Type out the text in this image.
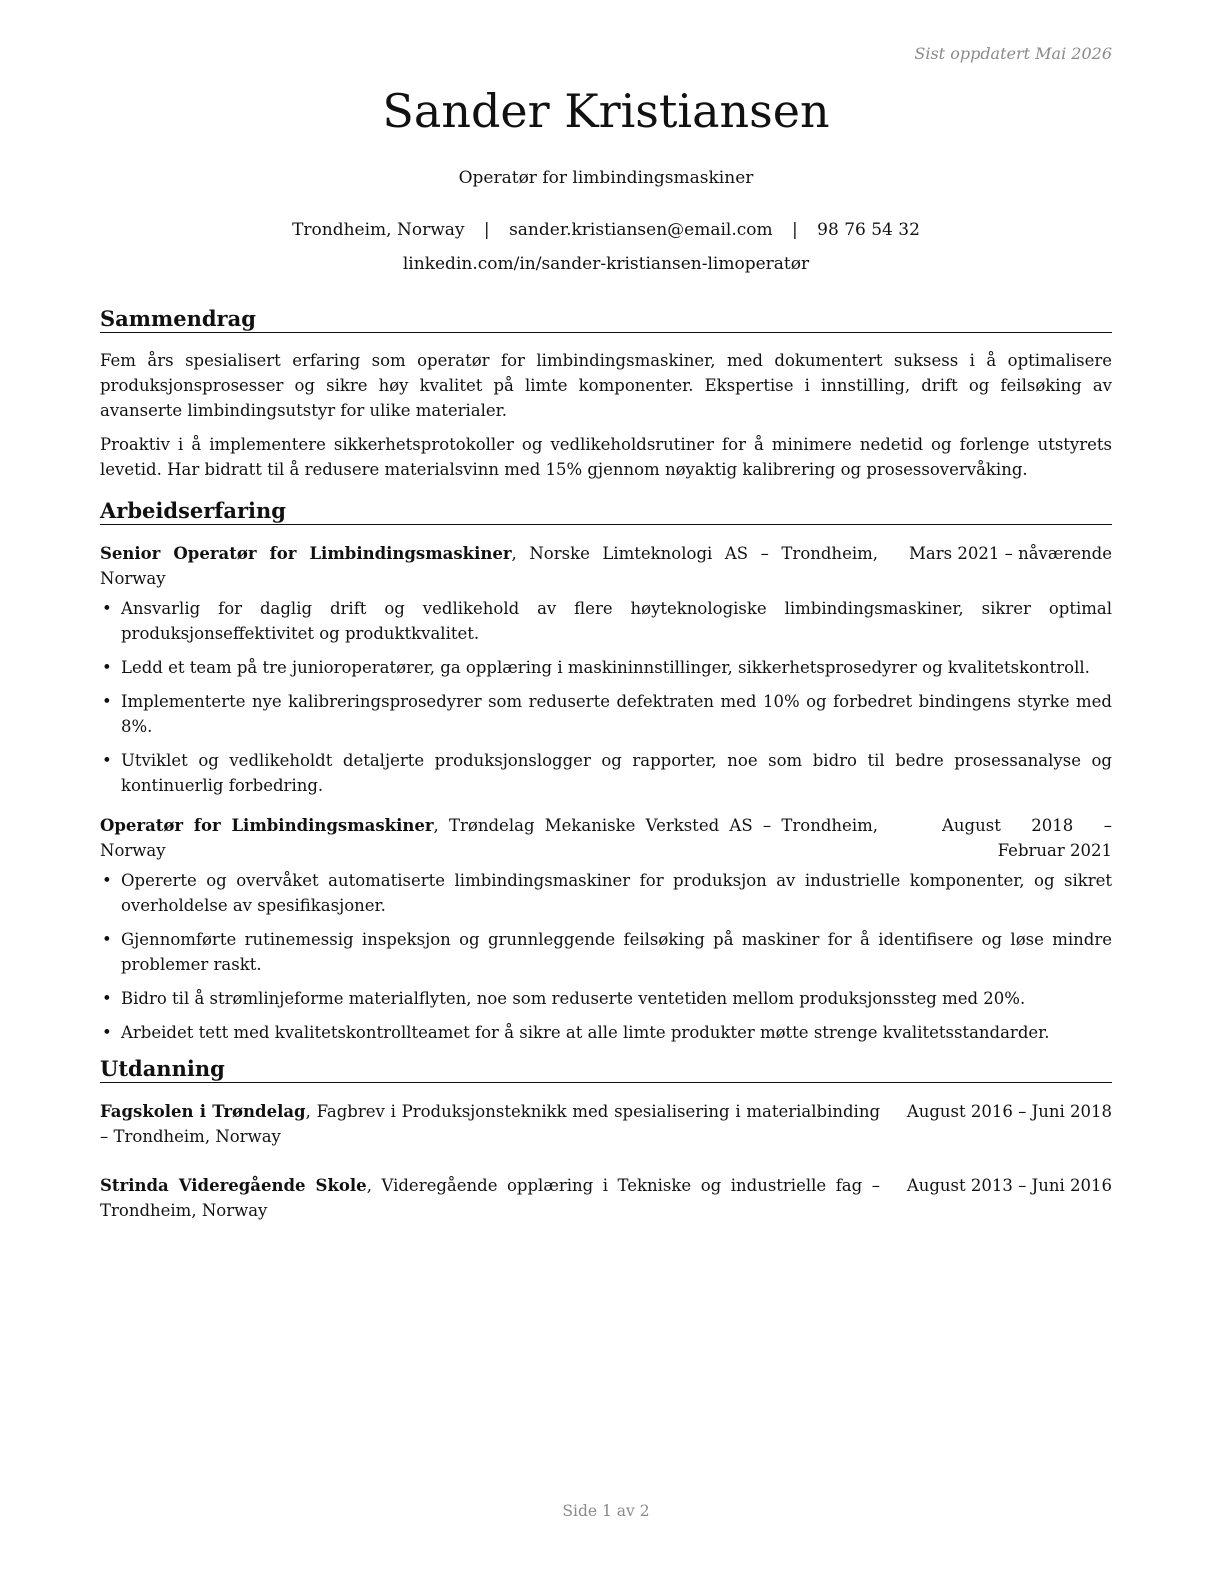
Sist oppdatert Mai 2026
Sander Kristiansen
Operatør for limbindingsmaskiner
Trondheim, Norway | sander.kristiansen@email.com | 98 76 54 32
linkedin.com/in/sander-kristiansen-limoperatør
Sammendrag
Fem års spesialisert erfaring som operatør for limbindingsmaskiner, med dokumentert suksess i å optimalisere produksjonsprosesser og sikre høy kvalitet på limte komponenter. Ekspertise i innstilling, drift og feilsøking av avanserte limbindingsutstyr for ulike materialer.
Proaktiv i å implementere sikkerhetsprotokoller og vedlikeholdsrutiner for å minimere nedetid og forlenge utstyrets levetid. Har bidratt til å redusere materialsvinn med 15% gjennom nøyaktig kalibrering og prosessovervåking.
Arbeidserfaring
Senior Operatør for Limbindingsmaskiner, Norske Limteknologi AS – Trondheim, Norway
Mars 2021 – nåværende
• Ansvarlig for daglig drift og vedlikehold av flere høyteknologiske limbindingsmaskiner, sikrer optimal produksjonseffektivitet og produktkvalitet.
• Ledd et team på tre junioroperatører, ga opplæring i maskininnstillinger, sikkerhetsprosedyrer og kvalitetskontroll.
• Implementerte nye kalibreringsprosedyrer som reduserte defektraten med 10% og forbedret bindingens styrke med 8%.
• Utviklet og vedlikeholdt detaljerte produksjonslogger og rapporter, noe som bidro til bedre prosessanalyse og kontinuerlig forbedring.
Operatør for Limbindingsmaskiner, Trøndelag Mekaniske Verksted AS – Trondheim, Norway
August 2018 – Februar 2021
• Opererte og overvåket automatiserte limbindingsmaskiner for produksjon av industrielle komponenter, og sikret overholdelse av spesifikasjoner.
• Gjennomførte rutinemessig inspeksjon og grunnleggende feilsøking på maskiner for å identifisere og løse mindre problemer raskt.
• Bidro til å strømlinjeforme materialflyten, noe som reduserte ventetiden mellom produksjonssteg med 20%.
• Arbeidet tett med kvalitetskontrollteamet for å sikre at alle limte produkter møtte strenge kvalitetsstandarder.
Utdanning
Fagskolen i Trøndelag, Fagbrev i Produksjonsteknikk med spesialisering i materialbinding – Trondheim, Norway
August 2016 – Juni 2018
Strinda Videregående Skole, Videregående opplæring i Tekniske og industrielle fag – Trondheim, Norway
August 2013 – Juni 2016
Side 1 av 2
